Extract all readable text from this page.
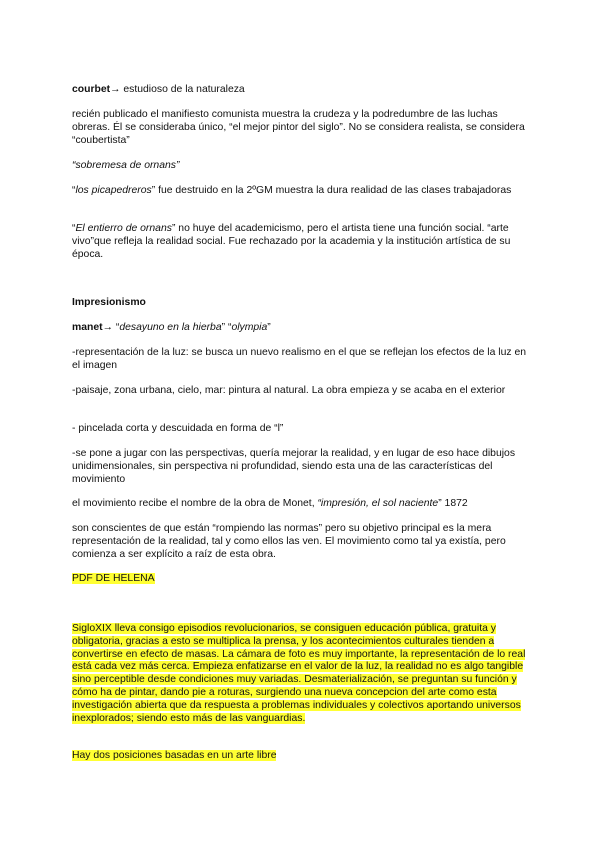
courbet→ estudioso de la naturaleza

recién publicado el manifiesto comunista muestra la crudeza y la podredumbre de las luchas obreras. Él se consideraba único, “el mejor pintor del siglo”. No se considera realista, se considera “coubertista”

“sobremesa de ornans”

“los picapedreros” fue destruido en la 2ºGM muestra la dura realidad de las clases trabajadoras

“El entierro de ornans” no huye del academicismo, pero el artista tiene una función social. “arte vivo”que refleja la realidad social. Fue rechazado por la academia y la institución artística de su época.

Impresionismo

manet→ “desayuno en la hierba” “olympia”

-representación de la luz: se busca un nuevo realismo en el que se reflejan los efectos de la luz en el imagen

-paisaje, zona urbana, cielo, mar: pintura al natural. La obra empieza y se acaba en el exterior

- pincelada corta y descuidada en forma de “l”

-se pone a jugar con las perspectivas, quería mejorar la realidad, y en lugar de eso hace dibujos unidimensionales, sin perspectiva ni profundidad, siendo esta una de las características del movimiento

el movimiento recibe el nombre de la obra de Monet, “impresión, el sol naciente” 1872

son conscientes de que están “rompiendo las normas” pero su objetivo principal es la mera representación de la realidad, tal y como ellos las ven. El movimiento como tal ya existía, pero comienza a ser explícito a raíz de esta obra.

PDF DE HELENA

SigloXIX lleva consigo episodios revolucionarios, se consiguen educación pública, gratuita y obligatoria, gracias a esto se multiplica la prensa, y los acontecimientos culturales tienden a convertirse en efecto de masas. La cámara de foto es muy importante, la representación de lo real está cada vez más cerca. Empieza enfatizarse en el valor de la luz, la realidad no es algo tangible sino perceptible desde condiciones muy variadas. Desmaterialización, se preguntan su función y cómo ha de pintar, dando pie a roturas, surgiendo una nueva concepcion del arte como esta investigación abierta que da respuesta a problemas individuales y colectivos aportando universos inexplorados; siendo esto más de las vanguardias.

Hay dos posiciones basadas en un arte libre
